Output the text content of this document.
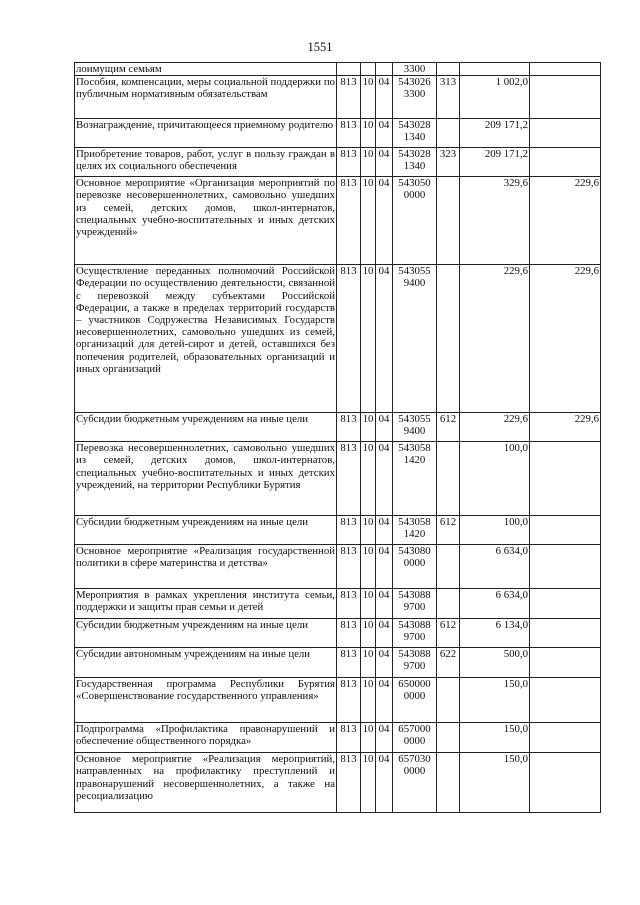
1551
лоимущим семьям				3300			

Пособия, компенсации, меры социальной поддержки по публичным нормативным обязательствам	813	10	04	543026
3300	313	1 002,0	
Вознаграждение, причитающееся приемному родителю	813	10	04	543028
1340		209 171,2	
Приобретение товаров, работ, услуг в пользу граждан в целях их социального обеспечения	813	10	04	543028
1340	323	209 171,2	
Основное мероприятие «Организация мероприятий по перевозке несовершеннолетних, самовольно ушедших из семей, детских домов, школ-интернатов, специальных учебно-воспитательных и иных детских учреждений»	813	10	04	543050
0000		329,6	229,6
Осуществление переданных полномочий Российской Федерации по осуществлению деятельности, связанной с перевозкой между субъектами Российской Федерации, а также в пределах территорий государств – участников Содружества Независимых Государств несовершеннолетних, самовольно ушедших из семей, организаций для детей-сирот и детей, оставшихся без попечения родителей, образовательных организаций и иных организаций	813	10	04	543055
9400		229,6	229,6
Субсидии бюджетным учреждениям на иные цели	813	10	04	543055
9400	612	229,6	229,6
Перевозка несовершеннолетних, самовольно ушедших из семей, детских домов, школ-интернатов, специальных учебно-воспитательных и иных детских учреждений, на территории Республики Бурятия	813	10	04	543058
1420		100,0	
Субсидии бюджетным учреждениям на иные цели	813	10	04	543058
1420	612	100,0	
Основное мероприятие «Реализация государственной политики в сфере материнства и детства»	813	10	04	543080
0000		6 634,0	
Мероприятия в рамках укрепления института семьи, поддержки и защиты прав семьи и детей	813	10	04	543088
9700		6 634,0	
Субсидии бюджетным учреждениям на иные цели	813	10	04	543088
9700	612	6 134,0	
Субсидии автономным учреждениям на иные цели	813	10	04	543088
9700	622	500,0	
Государственная программа Республики Бурятия «Совершенствование государственного управления»	813	10	04	650000
0000		150,0	
Подпрограмма «Профилактика правонарушений и обеспечение общественного порядка»	813	10	04	657000
0000		150,0	
Основное мероприятие «Реализация мероприятий, направленных на профилактику преступлений и правонарушений несовершеннолетних, а также на ресоциализацию	813	10	04	657030
0000		150,0	
